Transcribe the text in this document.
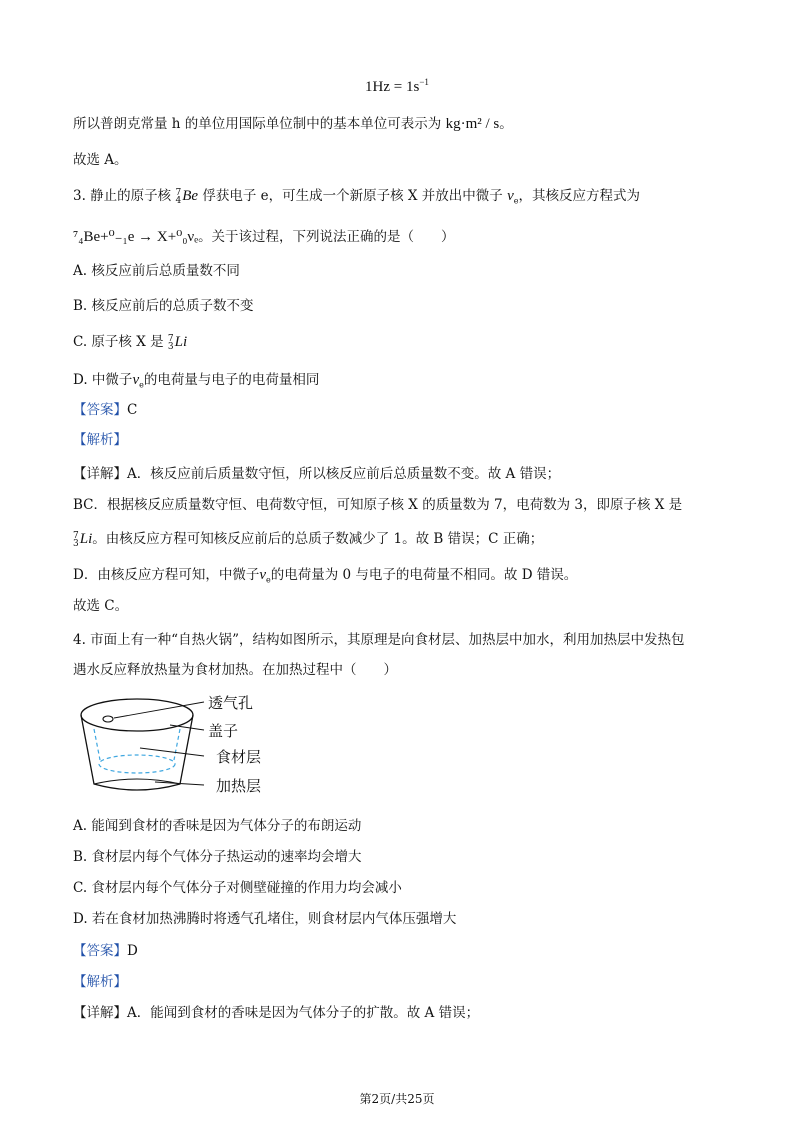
$1Hz = 1s^{-1}$
所以普朗克常量 h 的单位用国际单位制中的基本单位可表示为 kg·m² / s。
故选 A。
3. 静止的原子核 7
4 Be 俘获电子 e，可生成一个新原子核 X 并放出中微子 $\nu_e$，其核反应方程式为
⁷₄Be+⁰₋₁e → X+⁰₀νₑ。关于该过程，下列说法正确的是（　　）
A. 核反应前后总质量数不同
B. 核反应前后的总质子数不变
C. 原子核 X 是 7
3 Li
D. 中微子$\nu_e$的电荷量与电子的电荷量相同
【答案】C
【解析】
【详解】A．核反应前后质量数守恒，所以核反应前后总质量数不变。故 A 错误；
BC．根据核反应质量数守恒、电荷数守恒，可知原子核 X 的质量数为 7，电荷数为 3，即原子核 X 是
7
3 Li。由核反应方程可知核反应前后的总质子数减少了 1。故 B 错误；C 正确；
D．由核反应方程可知，中微子$\nu_e$的电荷量为 0 与电子的电荷量不相同。故 D 错误。
故选 C。
4. 市面上有一种“自热火锅”，结构如图所示，其原理是向食材层、加热层中加水，利用加热层中发热包
遇水反应释放热量为食材加热。在加热过程中（　　）
透气孔
盖子
食材层
加热层
A. 能闻到食材的香味是因为气体分子的布朗运动
B. 食材层内每个气体分子热运动的速率均会增大
C. 食材层内每个气体分子对侧壁碰撞的作用力均会减小
D. 若在食材加热沸腾时将透气孔堵住，则食材层内气体压强增大
【答案】D
【解析】
【详解】A．能闻到食材的香味是因为气体分子的扩散。故 A 错误；
第2页/共25页
